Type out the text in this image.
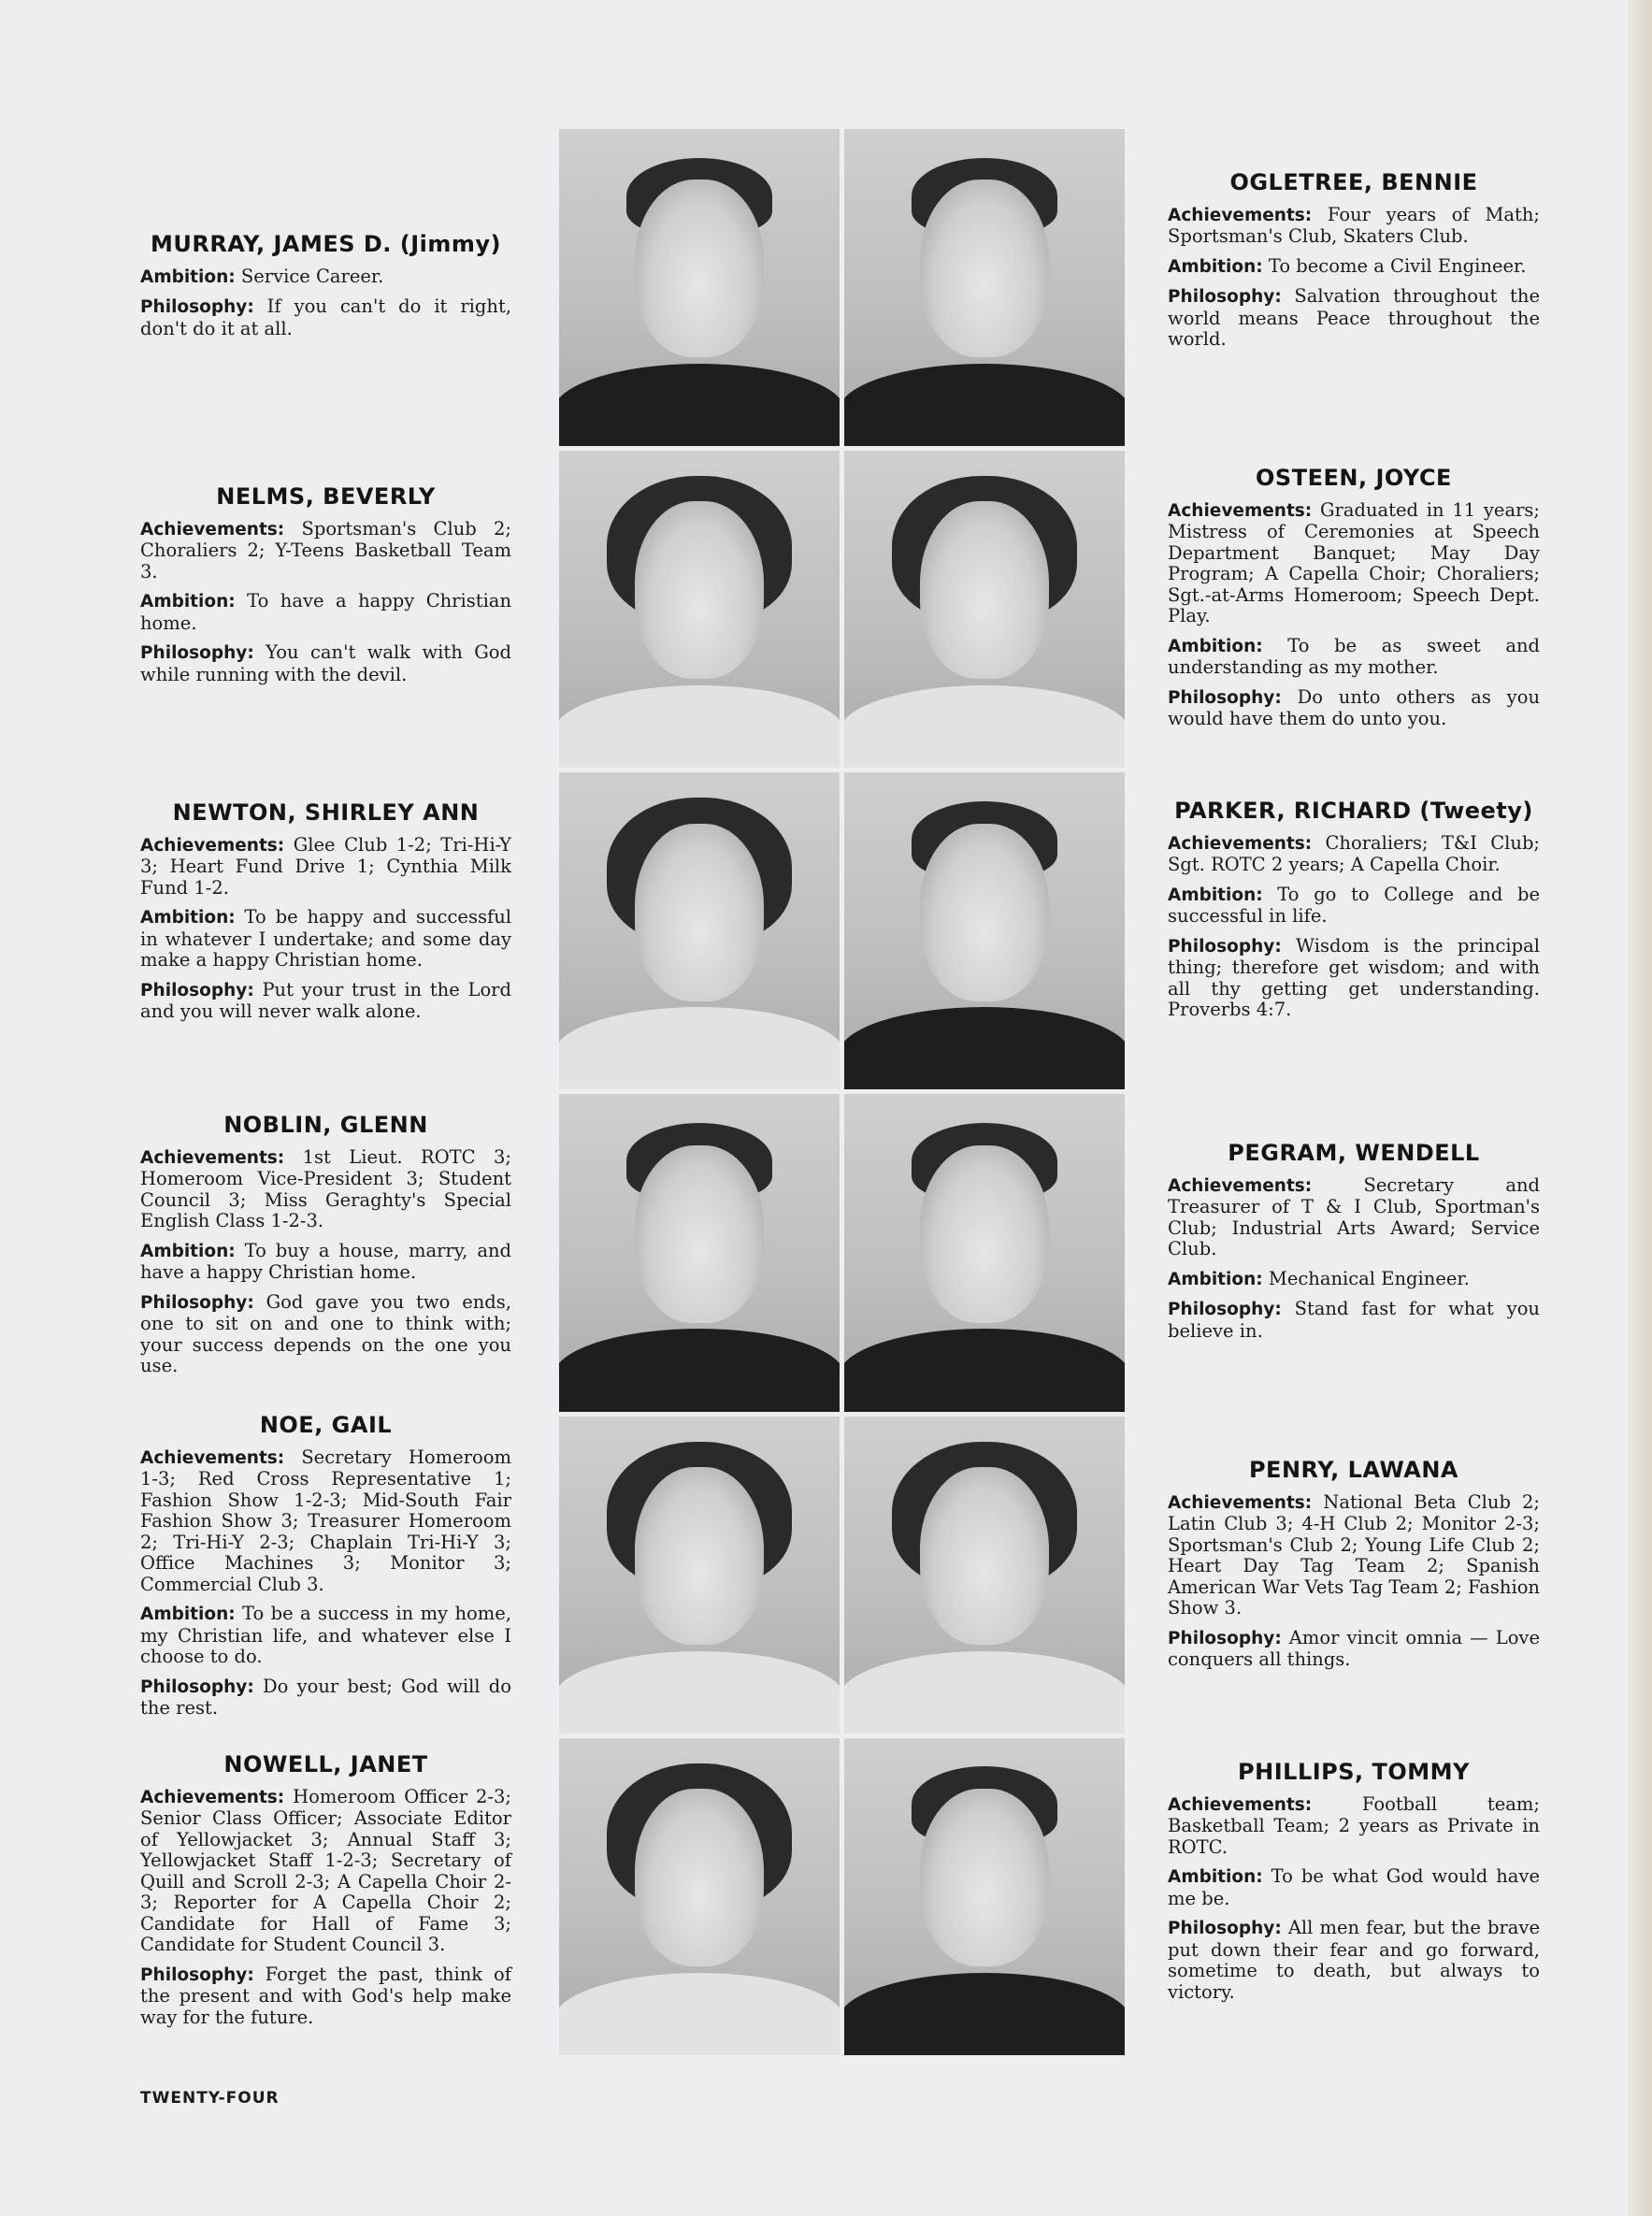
MURRAY, JAMES D. (Jimmy)

Ambition: Service Career.

Philosophy: If you can't do it right, don't do it at all.

NELMS, BEVERLY

Achievements: Sportsman's Club 2; Choraliers 2; Y-Teens Basketball Team 3.

Ambition: To have a happy Christian home.

Philosophy: You can't walk with God while running with the devil.

NEWTON, SHIRLEY ANN

Achievements: Glee Club 1-2; Tri-Hi-Y 3; Heart Fund Drive 1; Cynthia Milk Fund 1-2.

Ambition: To be happy and successful in whatever I undertake; and some day make a happy Christian home.

Philosophy: Put your trust in the Lord and you will never walk alone.

NOBLIN, GLENN

Achievements: 1st Lieut. ROTC 3; Homeroom Vice-President 3; Student Council 3; Miss Geraghty's Special English Class 1-2-3.

Ambition: To buy a house, marry, and have a happy Christian home.

Philosophy: God gave you two ends, one to sit on and one to think with; your success depends on the one you use.

NOE, GAIL

Achievements: Secretary Homeroom 1-3; Red Cross Representative 1; Fashion Show 1-2-3; Mid-South Fair Fashion Show 3; Treasurer Homeroom 2; Tri-Hi-Y 2-3; Chaplain Tri-Hi-Y 3; Office Machines 3; Monitor 3; Commercial Club 3.

Ambition: To be a success in my home, my Christian life, and whatever else I choose to do.

Philosophy: Do your best; God will do the rest.

NOWELL, JANET

Achievements: Homeroom Officer 2-3; Senior Class Officer; Associate Editor of Yellowjacket 3; Annual Staff 3; Yellowjacket Staff 1-2-3; Secretary of Quill and Scroll 2-3; A Capella Choir 2-3; Reporter for A Capella Choir 2; Candidate for Hall of Fame 3; Candidate for Student Council 3.

Philosophy: Forget the past, think of the present and with God's help make way for the future.

OGLETREE, BENNIE

Achievements: Four years of Math; Sportsman's Club, Skaters Club.

Ambition: To become a Civil Engineer.

Philosophy: Salvation throughout the world means Peace throughout the world.

OSTEEN, JOYCE

Achievements: Graduated in 11 years; Mistress of Ceremonies at Speech Department Banquet; May Day Program; A Capella Choir; Choraliers; Sgt.-at-Arms Homeroom; Speech Dept. Play.

Ambition: To be as sweet and understanding as my mother.

Philosophy: Do unto others as you would have them do unto you.

PARKER, RICHARD (Tweety)

Achievements: Choraliers; T&I Club; Sgt. ROTC 2 years; A Capella Choir.

Ambition: To go to College and be successful in life.

Philosophy: Wisdom is the principal thing; therefore get wisdom; and with all thy getting get understanding. Proverbs 4:7.

PEGRAM, WENDELL

Achievements: Secretary and Treasurer of T & I Club, Sportman's Club; Industrial Arts Award; Service Club.

Ambition: Mechanical Engineer.

Philosophy: Stand fast for what you believe in.

PENRY, LAWANA

Achievements: National Beta Club 2; Latin Club 3; 4-H Club 2; Monitor 2-3; Sportsman's Club 2; Young Life Club 2; Heart Day Tag Team 2; Spanish American War Vets Tag Team 2; Fashion Show 3.

Philosophy: Amor vincit omnia — Love conquers all things.

PHILLIPS, TOMMY

Achievements: Football team; Basketball Team; 2 years as Private in ROTC.

Ambition: To be what God would have me be.

Philosophy: All men fear, but the brave put down their fear and go forward, sometime to death, but always to victory.

TWENTY-FOUR
